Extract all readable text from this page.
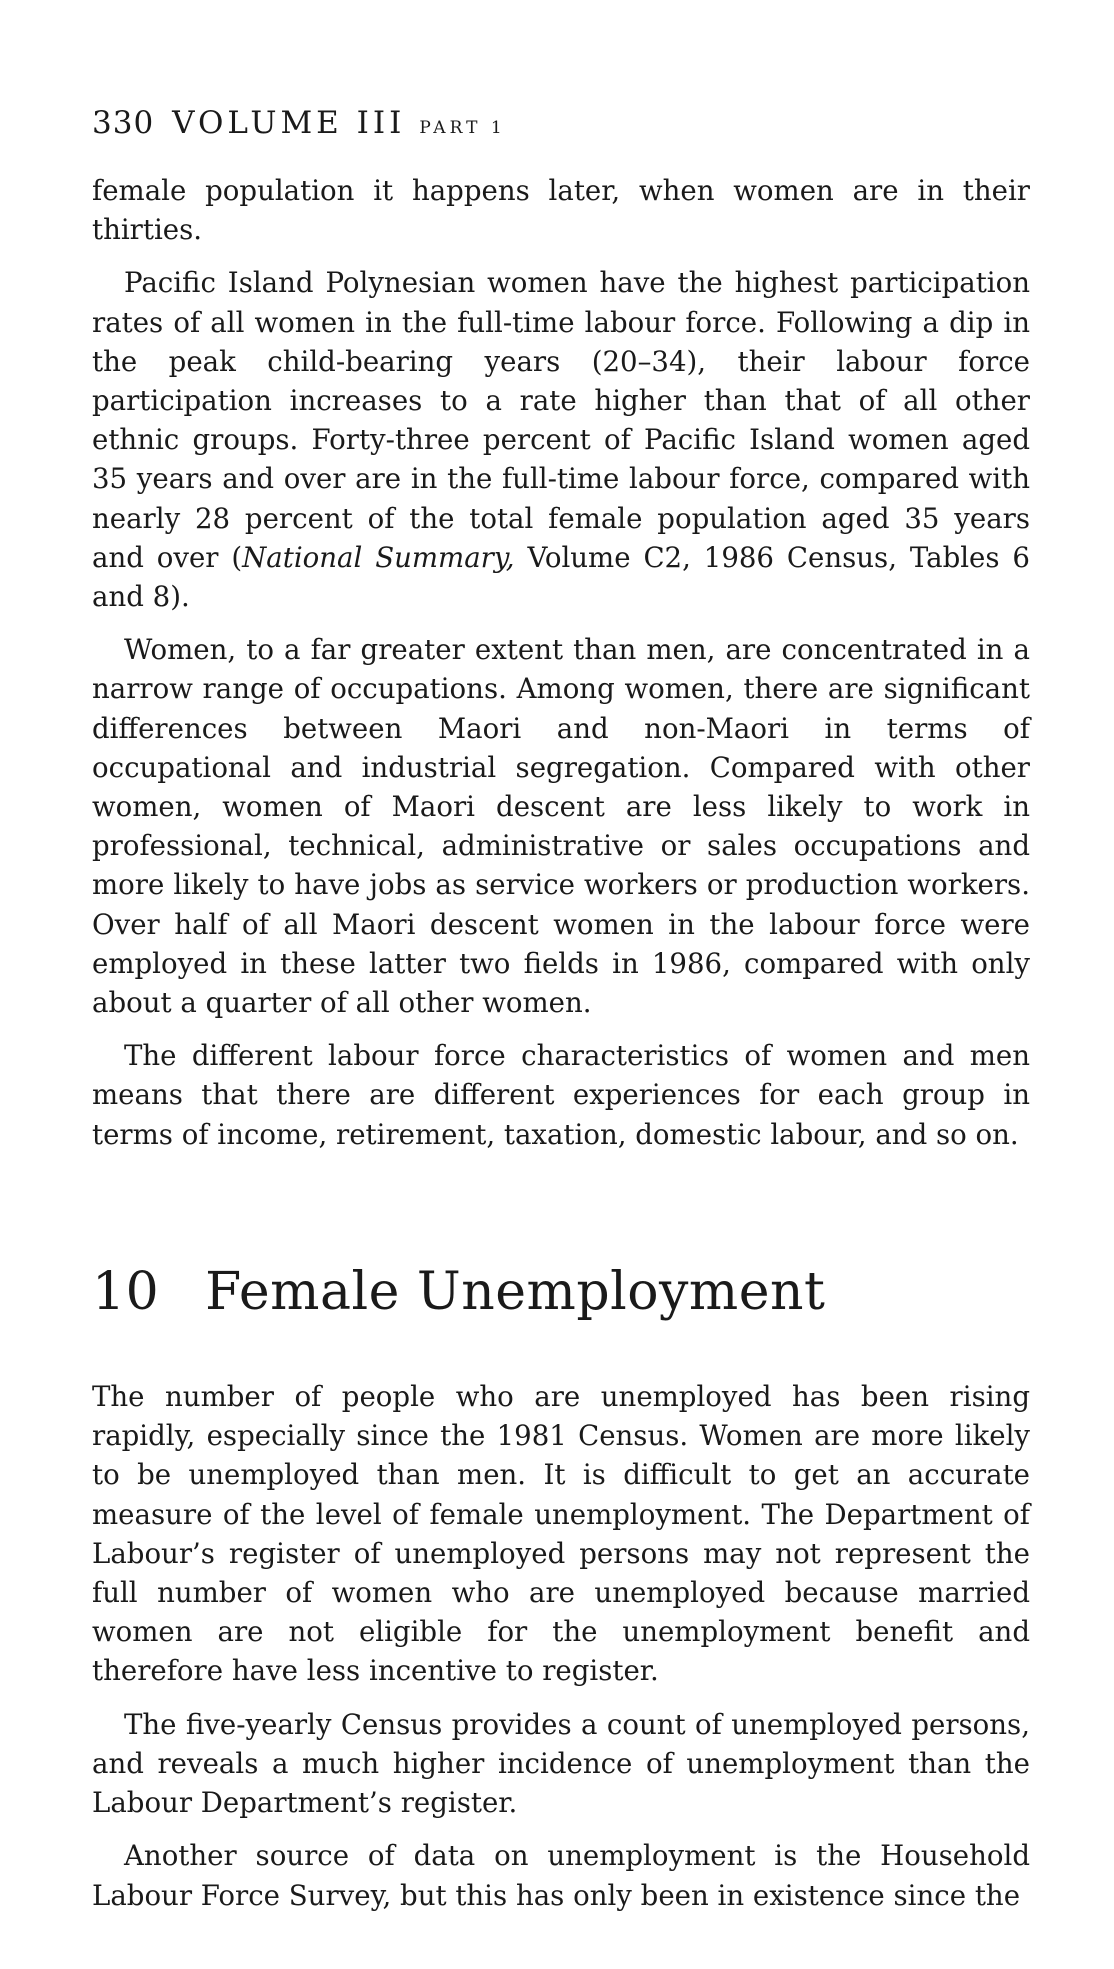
330 VOLUME III PART 1

female population it happens later, when women are in their thirties.

Pacific Island Polynesian women have the highest participation rates of all women in the full-time labour force. Following a dip in the peak child-bearing years (20–34), their labour force participation increases to a rate higher than that of all other ethnic groups. Forty-three percent of Pacific Island women aged 35 years and over are in the full-time labour force, compared with nearly 28 percent of the total female population aged 35 years and over (National Summary, Volume C2, 1986 Census, Tables 6 and 8).

Women, to a far greater extent than men, are concentrated in a narrow range of occupations. Among women, there are significant differences between Maori and non-Maori in terms of occupational and industrial segregation. Compared with other women, women of Maori descent are less likely to work in professional, technical, administrative or sales occupations and more likely to have jobs as service workers or production workers. Over half of all Maori descent women in the labour force were employed in these latter two fields in 1986, compared with only about a quarter of all other women.

The different labour force characteristics of women and men means that there are different experiences for each group in terms of income, retirement, taxation, domestic labour, and so on.

10 Female Unemployment

The number of people who are unemployed has been rising rapidly, especially since the 1981 Census. Women are more likely to be unemployed than men. It is difficult to get an accurate measure of the level of female unemployment. The Department of Labour’s register of unemployed persons may not represent the full number of women who are unemployed because married women are not eligible for the unemployment benefit and therefore have less incentive to register.

The five-yearly Census provides a count of unemployed persons, and reveals a much higher incidence of unemployment than the Labour Department’s register.

Another source of data on unemployment is the Household Labour Force Survey, but this has only been in existence since the
